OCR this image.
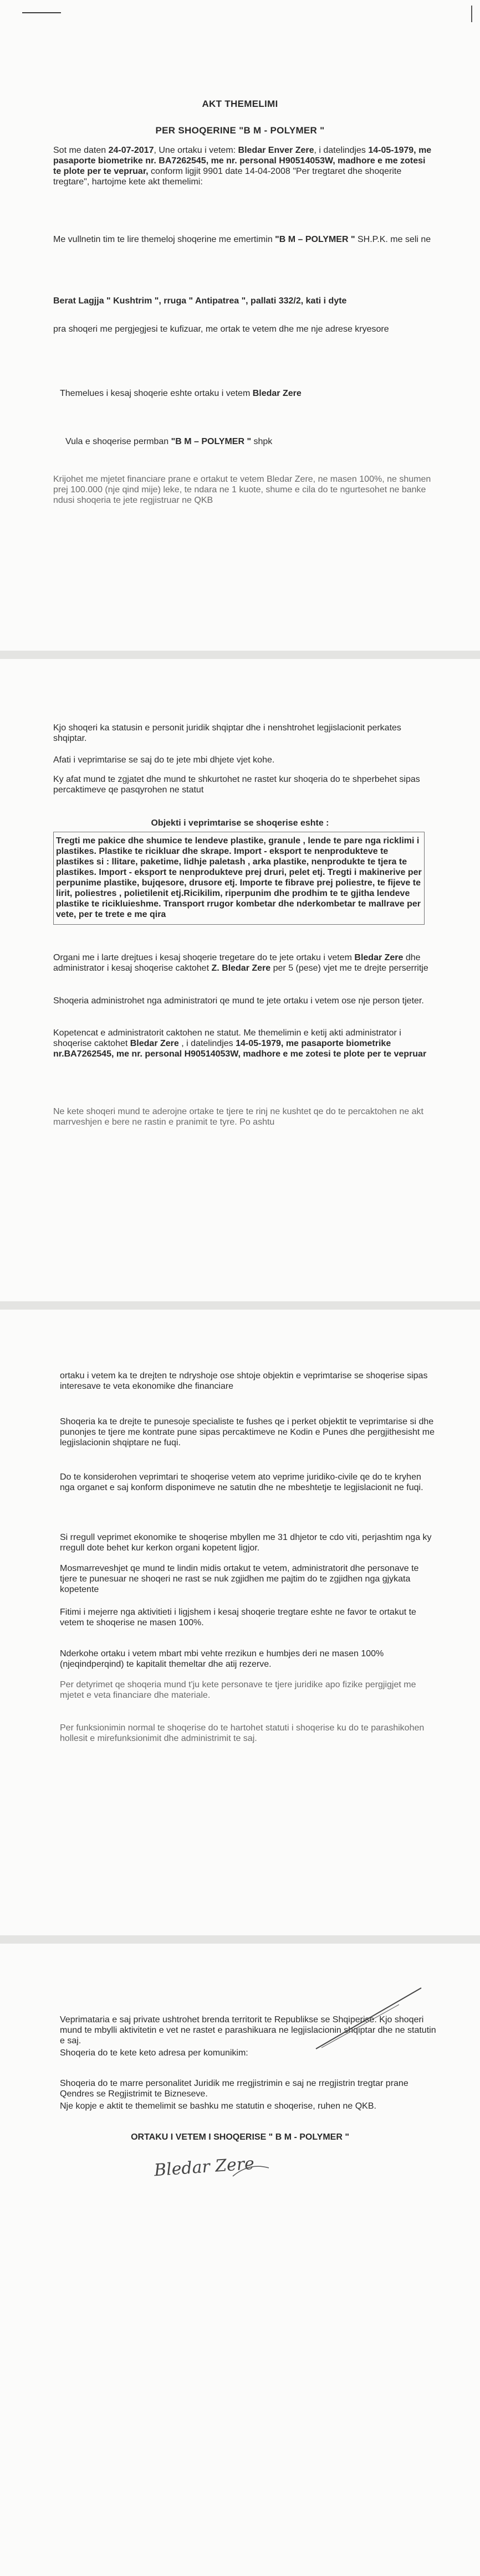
AKT THEMELIMI
PER SHOQERINE "B M - POLYMER "

Sot me daten 24-07-2017, Une ortaku i vetem: Bledar Enver Zere, i datelindjes 14-05-1979, me pasaporte biometrike nr. BA7262545, me nr. personal H90514053W, madhore e me zotesi te plote per te vepruar, conform ligjit 9901 date 14-04-2008 "Per tregtaret dhe shoqerite tregtare", hartojme kete akt themelimi:

Me vullnetin tim te lire themeloj shoqerine me emertimin "B M – POLYMER " SH.P.K. me seli ne

Berat Lagjja " Kushtrim ", rruga " Antipatrea ", pallati 332/2, kati i dyte

pra shoqeri me pergjegjesi te kufizuar, me ortak te vetem dhe me nje adrese kryesore

Themelues i kesaj shoqerie eshte ortaku i vetem Bledar Zere

Vula e shoqerise permban "B M – POLYMER " shpk

Krijohet me mjetet financiare prane e ortakut te vetem Bledar Zere, ne masen 100%, ne shumen prej 100.000 (nje qind mije) leke, te ndara ne 1 kuote, shume e cila do te ngurtesohet ne banke ndusi shoqeria te jete regjistruar ne QKB

Kjo shoqeri ka statusin e personit juridik shqiptar dhe i nenshtrohet legjislacionit perkates shqiptar.

Afati i veprimtarise se saj do te jete mbi dhjete vjet kohe.

Ky afat mund te zgjatet dhe mund te shkurtohet ne rastet kur shoqeria do te shperbehet sipas percaktimeve qe pasqyrohen ne statut

Objekti i veprimtarise se shoqerise eshte :

Tregti me pakice dhe shumice te lendeve plastike, granule , lende te pare nga ricklimi i plastikes. Plastike te ricikluar dhe skrape. Import - eksport te nenprodukteve te plastikes si : llitare, paketime, lidhje paletash , arka plastike, nenprodukte te tjera te plastikes. Import - eksport te nenprodukteve prej druri, pelet etj. Tregti i makinerive per perpunime plastike, bujqesore, drusore etj. Importe te fibrave prej poliestre, te fijeve te lirit, poliestres , polietilenit etj.Ricikilim, riperpunim dhe prodhim te te gjitha lendeve plastike te ricikluieshme. Transport rrugor kombetar dhe nderkombetar te mallrave per vete, per te trete e me qira

Organi me i larte drejtues i kesaj shoqerie tregetare do te jete ortaku i vetem Bledar Zere dhe administrator i kesaj shoqerise caktohet Z. Bledar Zere per 5 (pese) vjet me te drejte perserritje

Shoqeria administrohet nga administratori qe mund te jete ortaku i vetem ose nje person tjeter.

Kopetencat e administratorit caktohen ne statut. Me themelimin e ketij akti administrator i shoqerise caktohet Bledar Zere , i datelindjes 14-05-1979, me pasaporte biometrike nr.BA7262545, me nr. personal H90514053W, madhore e me zotesi te plote per te vepruar

Ne kete shoqeri mund te aderojne ortake te tjere te rinj ne kushtet qe do te percaktohen ne akt marrveshjen e bere ne rastin e pranimit te tyre. Po ashtu

ortaku i vetem ka te drejten te ndryshoje ose shtoje objektin e veprimtarise se shoqerise sipas interesave te veta ekonomike dhe financiare

Shoqeria ka te drejte te punesoje specialiste te fushes qe i perket objektit te veprimtarise si dhe punonjes te tjere me kontrate pune sipas percaktimeve ne Kodin e Punes dhe pergjithesisht me legjislacionin shqiptare ne fuqi.

Do te konsiderohen veprimtari te shoqerise vetem ato veprime juridiko-civile qe do te kryhen nga organet e saj konform disponimeve ne satutin dhe ne mbeshtetje te legjislacionit ne fuqi.

Si rregull veprimet ekonomike te shoqerise mbyllen me 31 dhjetor te cdo viti, perjashtim nga ky rregull dote behet kur kerkon organi kopetent ligjor.

Mosmarreveshjet qe mund te lindin midis ortakut te vetem, administratorit dhe personave te tjere te punesuar ne shoqeri ne rast se nuk zgjidhen me pajtim do te zgjidhen nga gjykata kopetente

Fitimi i mejerre nga aktivitieti i ligjshem i kesaj shoqerie tregtare eshte ne favor te ortakut te vetem te shoqerise ne masen 100%.

Nderkohe ortaku i vetem mbart mbi vehte rrezikun e humbjes deri ne masen 100% (njeqindperqind) te kapitalit themeltar dhe atij rezerve.

Per detyrimet qe shoqeria mund t'ju kete personave te tjere juridike apo fizike pergjigjet me mjetet e veta financiare dhe materiale.

Per funksionimin normal te shoqerise do te hartohet statuti i shoqerise ku do te parashikohen hollesit e mirefunksionimit dhe administrimit te saj.

Veprimataria e saj private ushtrohet brenda territorit te Republikse se Shqiperise. Kjo shoqeri mund te mbylli aktivitetin e vet ne rastet e parashikuara ne legjislacionin shqiptar dhe ne statutin e saj.

Shoqeria do te kete keto adresa per komunikim:

Shoqeria do te marre personalitet Juridik me rregjistrimin e saj ne rregjistrin tregtar prane Qendres se Regjistrimit te Bizneseve.

Nje kopje e aktit te themelimit se bashku me statutin e shoqerise, ruhen ne QKB.

ORTAKU I VETEM I SHOQERISE " B M - POLYMER "
Bledar Zere
